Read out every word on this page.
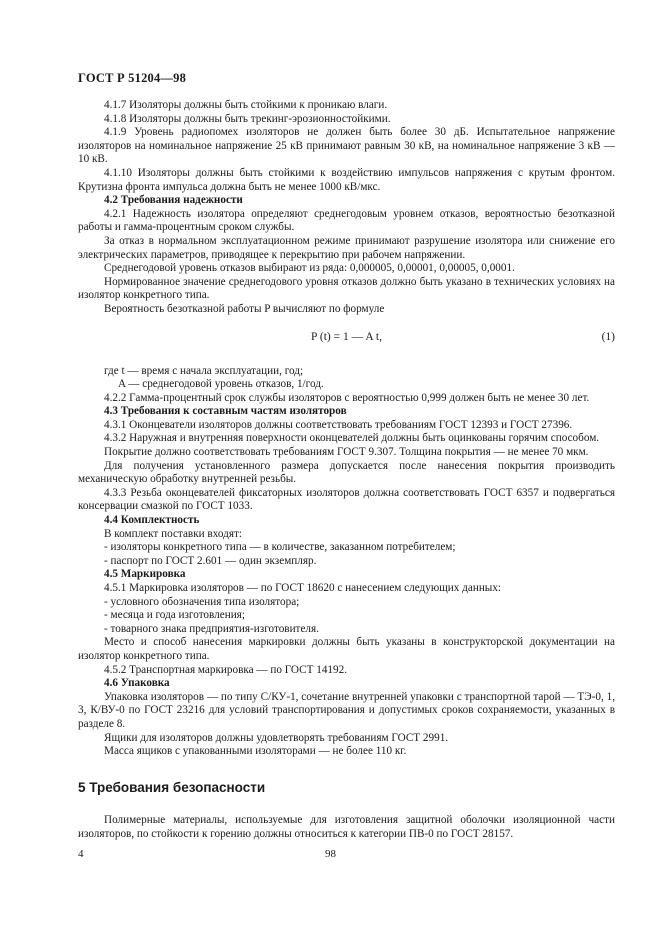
ГОСТ Р 51204—98

4.1.7 Изоляторы должны быть стойкими к проникаю влаги.

4.1.8 Изоляторы должны быть трекинг-эрозионностойкими.

4.1.9 Уровень радиопомех изоляторов не должен быть более 30 дБ. Испытательное напряжение изоляторов на номинальное напряжение 25 кВ принимают равным 30 кВ, на номинальное напряжение 3 кВ — 10 кВ.

4.1.10 Изоляторы должны быть стойкими к воздействию импульсов напряжения с крутым фронтом. Крутизна фронта импульса должна быть не менее 1000 кВ/мкс.

4.2 Требования надежности

4.2.1 Надежность изолятора определяют среднегодовым уровнем отказов, вероятностью безотказной работы и гамма-процентным сроком службы.

За отказ в нормальном эксплуатационном режиме принимают разрушение изолятора или снижение его электрических параметров, приводящее к перекрытию при рабочем напряжении.

Среднегодовой уровень отказов выбирают из ряда: 0,000005, 0,00001, 0,00005, 0,0001.

Нормированное значение среднегодового уровня отказов должно быть указано в технических условиях на изолятор конкретного типа.

Вероятность безотказной работы P вычисляют по формуле

P (t) = 1 — A t,	(1)

где t — время с начала эксплуатации, год;

A — среднегодовой уровень отказов, 1/год.

4.2.2 Гамма-процентный срок службы изоляторов с вероятностью 0,999 должен быть не менее 30 лет.

4.3 Требования к составным частям изоляторов

4.3.1 Оконцеватели изоляторов должны соответствовать требованиям ГОСТ 12393 и ГОСТ 27396.

4.3.2 Наружная и внутренняя поверхности оконцевателей должны быть оцинкованы горячим способом.

Покрытие должно соответствовать требованиям ГОСТ 9.307. Толщина покрытия — не менее 70 мкм.

Для получения установленного размера допускается после нанесения покрытия производить механическую обработку внутренней резьбы.

4.3.3 Резьба оконцевателей фиксаторных изоляторов должна соответствовать ГОСТ 6357 и подвергаться консервации смазкой по ГОСТ 1033.

4.4 Комплектность

В комплект поставки входят:

- изоляторы конкретного типа — в количестве, заказанном потребителем;

- паспорт по ГОСТ 2.601 — один экземпляр.

4.5 Маркировка

4.5.1 Маркировка изоляторов — по ГОСТ 18620 с нанесением следующих данных:

- условного обозначения типа изолятора;

- месяца и года изготовления;

- товарного знака предприятия-изготовителя.

Место и способ нанесения маркировки должны быть указаны в конструкторской документации на изолятор конкретного типа.

4.5.2 Транспортная маркировка — по ГОСТ 14192.

4.6 Упаковка

Упаковка изоляторов — по типу С/КУ-1, сочетание внутренней упаковки с транспортной тарой — ТЭ-0, 1, 3, К/ВУ-0 по ГОСТ 23216 для условий транспортирования и допустимых сроков сохраняемости, указанных в разделе 8.

Ящики для изоляторов должны удовлетворять требованиям ГОСТ 2991.

Масса ящиков с упакованными изоляторами — не более 110 кг.

5 Требования безопасности

Полимерные материалы, используемые для изготовления защитной оболочки изоляционной части изоляторов, по стойкости к горению должны относиться к категории ПВ-0 по ГОСТ 28157.

4	98
